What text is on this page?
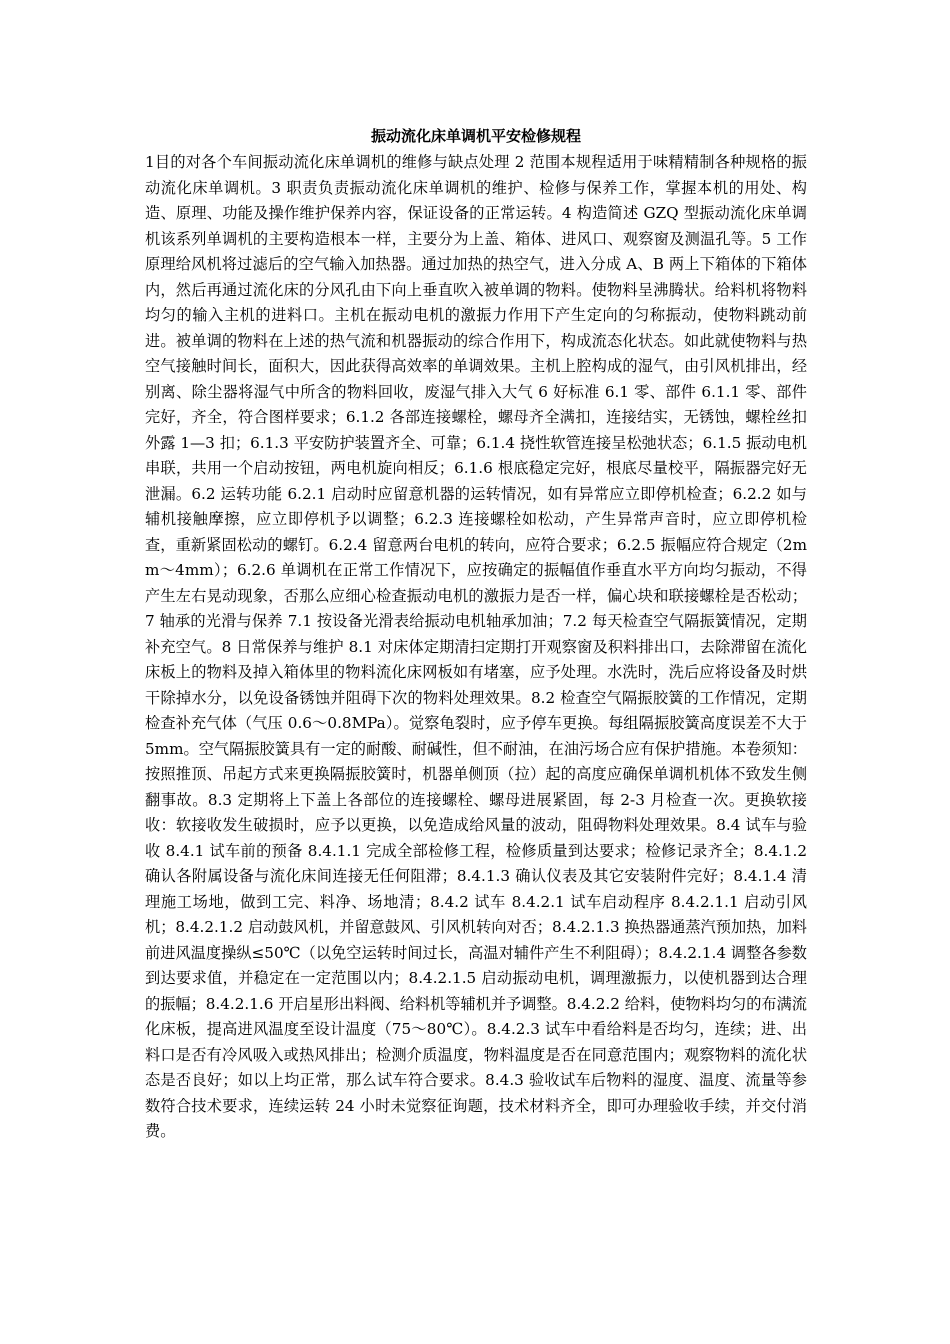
振动流化床单调机平安检修规程

1目的对各个车间振动流化床单调机的维修与缺点处理 2 范围本规程适用于味精精制各种规格的振动流化床单调机。3 职责负责振动流化床单调机的维护、检修与保养工作，掌握本机的用处、构造、原理、功能及操作维护保养内容，保证设备的正常运转。4 构造简述 GZQ 型振动流化床单调机该系列单调机的主要构造根本一样，主要分为上盖、箱体、进风口、观察窗及测温孔等。5 工作原理给风机将过滤后的空气输入加热器。通过加热的热空气，进入分成 A、B 两上下箱体的下箱体内，然后再通过流化床的分风孔由下向上垂直吹入被单调的物料。使物料呈沸腾状。给料机将物料均匀的输入主机的进料口。主机在振动电机的激振力作用下产生定向的匀称振动，使物料跳动前进。被单调的物料在上述的热气流和机器振动的综合作用下，构成流态化状态。如此就使物料与热空气接触时间长，面积大，因此获得高效率的单调效果。主机上腔构成的湿气，由引风机排出，经别离、除尘器将湿气中所含的物料回收，废湿气排入大气 6 好标准 6.1 零、部件 6.1.1 零、部件完好，齐全，符合图样要求；6.1.2 各部连接螺栓，螺母齐全满扣，连接结实，无锈蚀，螺栓丝扣外露 1—3 扣；6.1.3 平安防护装置齐全、可靠；6.1.4 挠性软管连接呈松弛状态；6.1.5 振动电机串联，共用一个启动按钮，两电机旋向相反；6.1.6 根底稳定完好，根底尽量校平，隔振器完好无泄漏。6.2 运转功能 6.2.1 启动时应留意机器的运转情况，如有异常应立即停机检查；6.2.2 如与辅机接触摩擦，应立即停机予以调整；6.2.3 连接螺栓如松动，产生异常声音时，应立即停机检查，重新紧固松动的螺钉。6.2.4 留意两台电机的转向，应符合要求；6.2.5 振幅应符合规定（2mm～4mm）；6.2.6 单调机在正常工作情况下，应按确定的振幅值作垂直水平方向均匀振动，不得产生左右晃动现象，否那么应细心检查振动电机的激振力是否一样，偏心块和联接螺栓是否松动；7 轴承的光滑与保养 7.1 按设备光滑表给振动电机轴承加油；7.2 每天检查空气隔振簧情况，定期补充空气。8 日常保养与维护 8.1 对床体定期清扫定期打开观察窗及积料排出口，去除滞留在流化床板上的物料及掉入箱体里的物料流化床网板如有堵塞，应予处理。水洗时，洗后应将设备及时烘干除掉水分，以免设备锈蚀并阻碍下次的物料处理效果。8.2 检查空气隔振胶簧的工作情况，定期检查补充气体（气压 0.6～0.8MPa）。觉察龟裂时，应予停车更换。每组隔振胶簧高度误差不大于 5mm。空气隔振胶簧具有一定的耐酸、耐碱性，但不耐油，在油污场合应有保护措施。本卷须知：按照推顶、吊起方式来更换隔振胶簧时，机器单侧顶（拉）起的高度应确保单调机机体不致发生侧翻事故。8.3 定期将上下盖上各部位的连接螺栓、螺母进展紧固，每 2-3 月检查一次。更换软接收：软接收发生破损时，应予以更换，以免造成给风量的波动，阻碍物料处理效果。8.4 试车与验收 8.4.1 试车前的预备 8.4.1.1 完成全部检修工程，检修质量到达要求；检修记录齐全；8.4.1.2 确认各附属设备与流化床间连接无任何阻滞；8.4.1.3 确认仪表及其它安装附件完好；8.4.1.4 清理施工场地，做到工完、料净、场地清；8.4.2 试车 8.4.2.1 试车启动程序 8.4.2.1.1 启动引风机；8.4.2.1.2 启动鼓风机，并留意鼓风、引风机转向对否；8.4.2.1.3 换热器通蒸汽预加热，加料前进风温度操纵≤50℃（以免空运转时间过长，高温对辅件产生不利阻碍）；8.4.2.1.4 调整各参数到达要求值，并稳定在一定范围以内；8.4.2.1.5 启动振动电机，调理激振力，以使机器到达合理的振幅；8.4.2.1.6 开启星形出料阀、给料机等辅机并予调整。8.4.2.2 给料，使物料均匀的布满流化床板，提高进风温度至设计温度（75～80℃）。8.4.2.3 试车中看给料是否均匀，连续；进、出料口是否有冷风吸入或热风排出；检测介质温度，物料温度是否在同意范围内；观察物料的流化状态是否良好；如以上均正常，那么试车符合要求。8.4.3 验收试车后物料的湿度、温度、流量等参数符合技术要求，连续运转 24 小时未觉察征询题，技术材料齐全，即可办理验收手续，并交付消费。
